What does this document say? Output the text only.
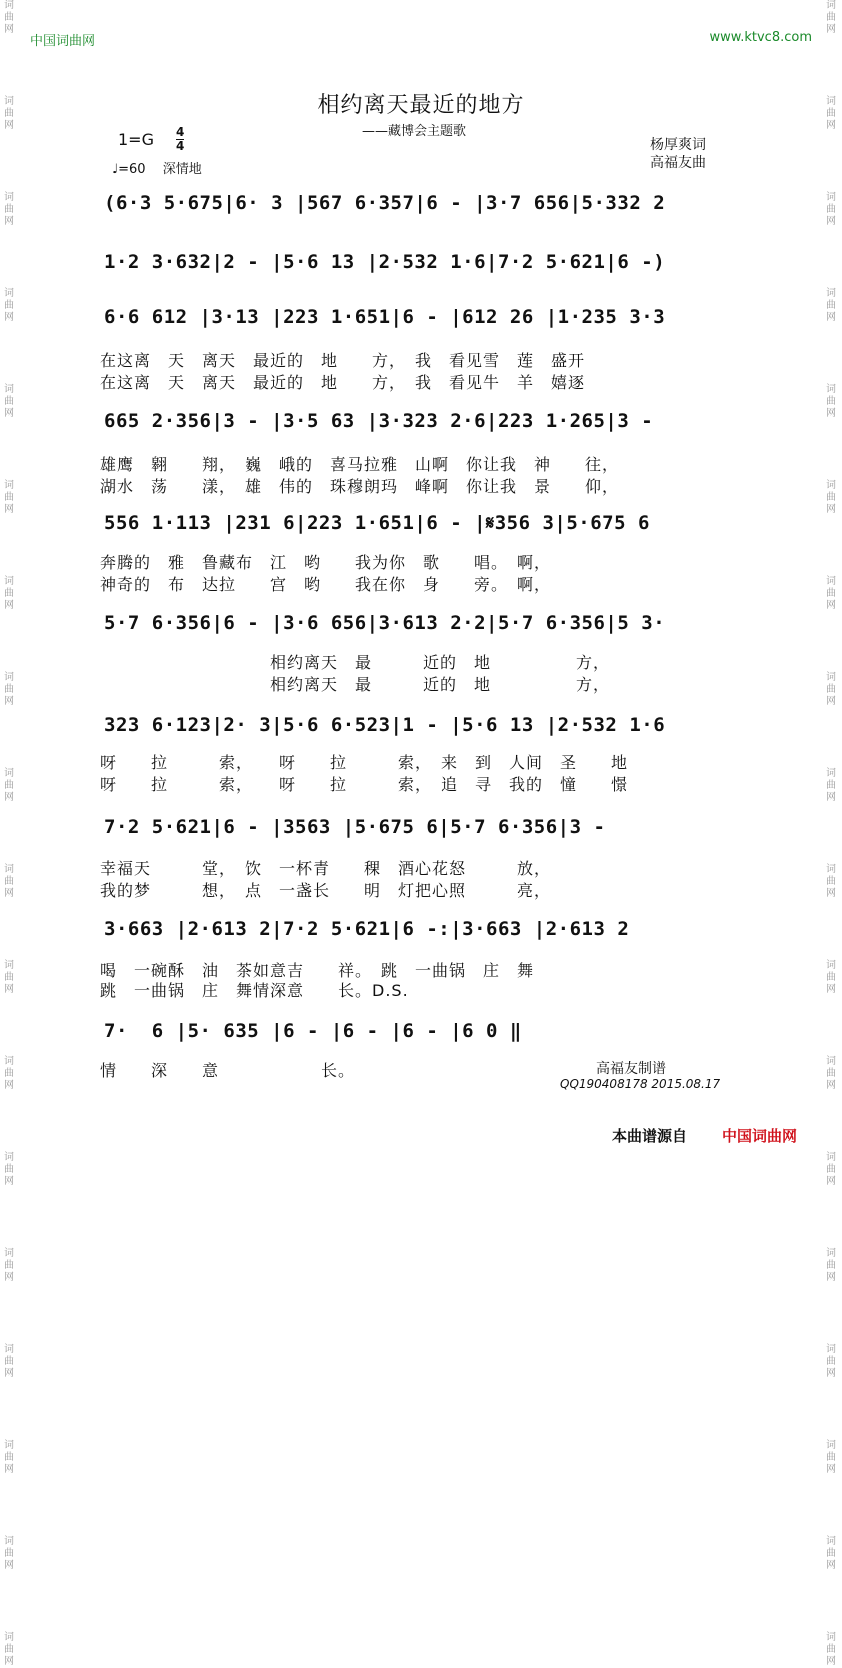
词
曲
网

词
曲
网

词
曲
网

词
曲
网

词
曲
网

词
曲
网

词
曲
网

词
曲
网

词
曲
网

词
曲
网

词
曲
网

词
曲
网

词
曲
网

词
曲
网

词
曲
网

词
曲
网

词
曲
网

词
曲
网
词
曲
网

词
曲
网

词
曲
网

词
曲
网

词
曲
网

词
曲
网

词
曲
网

词
曲
网

词
曲
网

词
曲
网

词
曲
网

词
曲
网

词
曲
网

词
曲
网

词
曲
网

词
曲
网

词
曲
网

词
曲
网
中国词曲网	www.ktvc8.com
相约离天最近的地方
——藏博会主题歌
1=G 4
4
♩=60　 深情地
杨厚爽词
高福友曲
(6·3 5·675|6· 3 |567 6·357|6 - |3·7 656|5·332 2
1·2 3·632|2 - |5·6 13 |2·532 1·6|7·2 5·621|6 -)
6·6 612 |3·13 |223 1·651|6 - |612 26 |1·235 3·3
在这离　天　离天　最近的　地　　方，　我　看见雪　莲　盛开
在这离　天　离天　最近的　地　　方，　我　看见牛　羊　嬉逐
665 2·356|3 - |3·5 63 |3·323 2·6|223 1·265|3 -
雄鹰　翱　　翔，　巍　峨的　喜马拉雅　山啊　你让我　神　　往，
湖水　荡　　漾，　雄　伟的　珠穆朗玛　峰啊　你让我　景　　仰，
556 1·113 |231 6|223 1·651|6 - |𝄋356 3|5·675 6
奔腾的　雅　鲁藏布　江　哟　　我为你　歌　　唱。　啊，
神奇的　布　达拉　　宫　哟　　我在你　身　　旁。　啊，
5·7 6·356|6 - |3·6 656|3·613 2·2|5·7 6·356|5 3·
　　　　　　　　　　相约离天　最　　　近的　地　　　　　方，
　　　　　　　　　　相约离天　最　　　近的　地　　　　　方，
323 6·123|2· 3|5·6 6·523|1 - |5·6 13 |2·532 1·6
呀　　拉　　　索，　　呀　　拉　　　索，　来　到　人间　圣　　地
呀　　拉　　　索，　　呀　　拉　　　索，　追　寻　我的　憧　　憬
7·2 5·621|6 - |3563 |5·675 6|5·7 6·356|3 -
幸福天　　　堂，　饮　一杯青　　稞　酒心花怒　　　放，
我的梦　　　想，　点　一盏长　　明　灯把心照　　　亮，
3·663 |2·613 2|7·2 5·621|6 -:|3·663 |2·613 2
喝　一碗酥　油　茶如意吉　　祥。　跳　一曲锅　庄　舞
跳　一曲锅　庄　舞情深意　　长。D.S.
7·  6 |5· 635 |6 - |6 - |6 - |6 0 ‖
情　　深　　意　　　　　　长。	高福友制谱
QQ190408178 2015.08.17
本曲谱源自 中国词曲网
